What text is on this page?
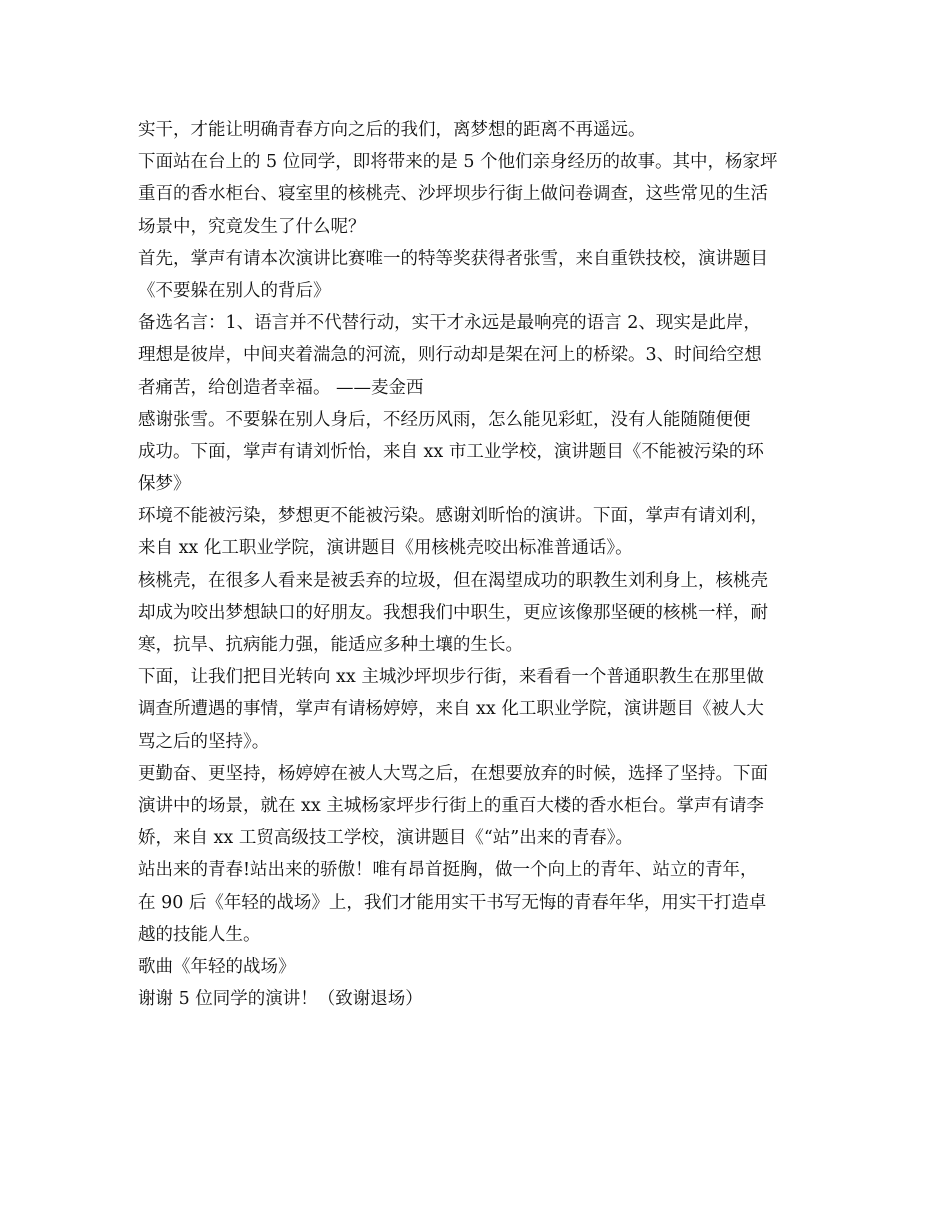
实干，才能让明确青春方向之后的我们，离梦想的距离不再遥远。
下面站在台上的 5 位同学，即将带来的是 5 个他们亲身经历的故事。其中，杨家坪
重百的香水柜台、寝室里的核桃壳、沙坪坝步行街上做问卷调查，这些常见的生活
场景中，究竟发生了什么呢？
首先，掌声有请本次演讲比赛唯一的特等奖获得者张雪，来自重铁技校，演讲题目
《不要躲在别人的背后》
备选名言：1、语言并不代替行动，实干才永远是最响亮的语言 2、现实是此岸，
理想是彼岸，中间夹着湍急的河流，则行动却是架在河上的桥梁。3、时间给空想
者痛苦，给创造者幸福。 ——麦金西
感谢张雪。不要躲在别人身后，不经历风雨，怎么能见彩虹，没有人能随随便便
成功。下面，掌声有请刘忻怡，来自 xx 市工业学校，演讲题目《不能被污染的环
保梦》
环境不能被污染，梦想更不能被污染。感谢刘昕怡的演讲。下面，掌声有请刘利，
来自 xx 化工职业学院，演讲题目《用核桃壳咬出标准普通话》。
核桃壳，在很多人看来是被丢弃的垃圾，但在渴望成功的职教生刘利身上，核桃壳
却成为咬出梦想缺口的好朋友。我想我们中职生，更应该像那坚硬的核桃一样，耐
寒，抗旱、抗病能力强，能适应多种土壤的生长。
下面，让我们把目光转向 xx 主城沙坪坝步行街，来看看一个普通职教生在那里做
调查所遭遇的事情，掌声有请杨婷婷，来自 xx 化工职业学院，演讲题目《被人大
骂之后的坚持》。
更勤奋、更坚持，杨婷婷在被人大骂之后，在想要放弃的时候，选择了坚持。下面
演讲中的场景，就在 xx 主城杨家坪步行街上的重百大楼的香水柜台。掌声有请李
娇，来自 xx 工贸高级技工学校，演讲题目《“站”出来的青春》。
站出来的青春!站出来的骄傲！唯有昂首挺胸，做一个向上的青年、站立的青年，
在 90 后《年轻的战场》上，我们才能用实干书写无悔的青春年华，用实干打造卓
越的技能人生。
歌曲《年轻的战场》
谢谢 5 位同学的演讲！（致谢退场）
